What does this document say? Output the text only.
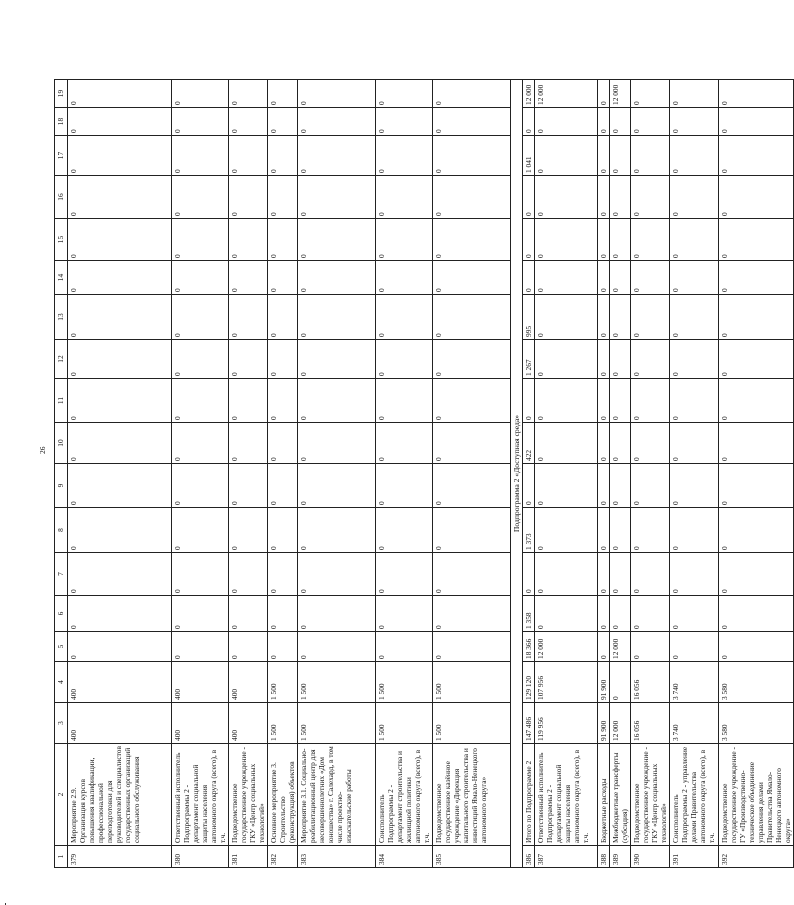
26
1	2	3	4	5	6	7	8	9	10	11	12	13	14	15	16	17	18	19
379	Мероприятие 2.9. Организация курсов повышения квалификации, профессиональной переподготовки для руководителей и специалистов государственных организаций социального обслуживания	400	400	0	0	0	0	0	0	0	0	0	0	0	0	0	0	0
380	Ответственный исполнитель Подпрограммы 2 - департамент социальной защиты населения автономного округа (всего), в т.ч.	400	400	0	0	0	0	0	0	0	0	0	0	0	0	0	0	0
381	Подведомственное государственное учреждение - ГКУ «Центр социальных технологий»	400	400	0	0	0	0	0	0	0	0	0	0	0	0	0	0	0
382	Основное мероприятие 3. Строительство (реконструкция) объектов	1 500	1 500	0	0	0	0	0	0	0	0	0	0	0	0	0	0	0
383	Мероприятие 3.1. Социально-реабилитационный центр для несовершеннолетних «Дом юношества» г. Салехард, в том числе проектно-изыскательские работы	1 500	1 500	0	0	0	0	0	0	0	0	0	0	0	0	0	0	0
384	Соисполнитель Подпрограммы 2 - департамент строительства и жилищной политики автономного округа (всего), в т.ч.	1 500	1 500	0	0	0	0	0	0	0	0	0	0	0	0	0	0	0
385	Подведомственное государственное казённое учреждение «Дирекция капитального строительства и инвестиций Ямало-Ненецкого автономного округа»	1 500	1 500	0	0	0	0	0	0	0	0	0	0	0	0	0	0	0
Подпрограмма 2 «Доступная среда»																		
386	Итого по Подпрограмме 2	147 486	129 120	18 366	1 358	0	1 373	0	422	0	1 267	995	0	0	0	1 041	0	12 000
387	Ответственный исполнитель Подпрограммы 2 - департамент социальной защиты населения автономного округа (всего), в т.ч.	119 956	107 956	12 000	0	0	0	0	0	0	0	0	0	0	0	0	0	12 000
388	Бюджетные расходы	91 900	91 900	0	0	0	0	0	0	0	0	0	0	0	0	0	0	0
389	Межбюджетные трансферты (субсидия)	12 000	0	12 000	0	0	0	0	0	0	0	0	0	0	0	0	0	12 000
390	Подведомственное государственное учреждение - ГКУ «Центр социальных технологий»	16 056	16 056	0	0	0	0	0	0	0	0	0	0	0	0	0	0	0
391	Соисполнитель Подпрограммы 2 - управление делами Правительства автономного округа (всего), в т.ч.	3 740	3 740	0	0	0	0	0	0	0	0	0	0	0	0	0	0	0
392	Подведомственное государственное учреждение - ГУ «Производственно-техническое объединение управления делами Правительства Ямало-Ненецкого автономного округа»	3 580	3 580	0	0	0	0	0	0	0	0	0	0	0	0	0	0	0
